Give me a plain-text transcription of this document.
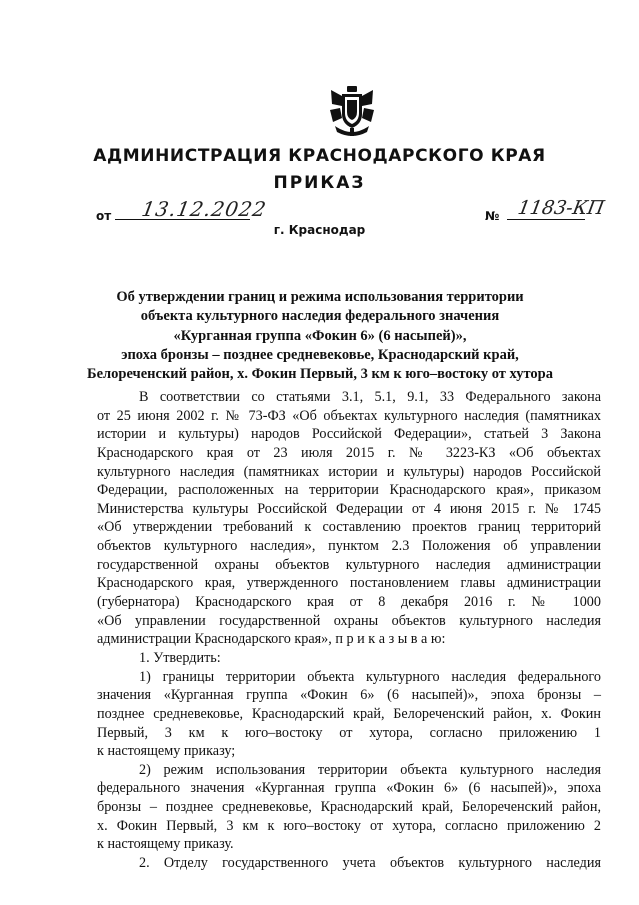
АДМИНИСТРАЦИЯ КРАСНОДАРСКОГО КРАЯ
ПРИКАЗ
от 13.12.2022
г. Краснодар
№ 1183-КП
Об утверждении границ и режима использования территории
объекта культурного наследия федерального значения
«Курганная группа «Фокин 6» (6 насыпей)»,
эпоха бронзы – позднее средневековье, Краснодарский край,
Белореченский район, х. Фокин Первый, 3 км к юго–востоку от хутора
В соответствии со статьями 3.1, 5.1, 9.1, 33 Федерального закона
от 25 июня 2002 г. № 73-ФЗ «Об объектах культурного наследия (памятниках
истории и культуры) народов Российской Федерации», статьей 3 Закона
Краснодарского края от 23 июля 2015 г. № 3223-КЗ «Об объектах
культурного наследия (памятниках истории и культуры) народов Российской
Федерации, расположенных на территории Краснодарского края», приказом
Министерства культуры Российской Федерации от 4 июня 2015 г. № 1745
«Об утверждении требований к составлению проектов границ территорий
объектов культурного наследия», пунктом 2.3 Положения об управлении
государственной охраны объектов культурного наследия администрации
Краснодарского края, утвержденного постановлением главы администрации
(губернатора) Краснодарского края от 8 декабря 2016 г. № 1000
«Об управлении государственной охраны объектов культурного наследия
администрации Краснодарского края», п р и к а з ы в а ю:
1. Утвердить:
1) границы территории объекта культурного наследия федерального
значения «Курганная группа «Фокин 6» (6 насыпей)», эпоха бронзы –
позднее средневековье, Краснодарский край, Белореченский район, х. Фокин
Первый, 3 км к юго–востоку от хутора, согласно приложению 1
к настоящему приказу;
2) режим использования территории объекта культурного наследия
федерального значения «Курганная группа «Фокин 6» (6 насыпей)», эпоха
бронзы – позднее средневековье, Краснодарский край, Белореченский район,
х. Фокин Первый, 3 км к юго–востоку от хутора, согласно приложению 2
к настоящему приказу.
2. Отделу государственного учета объектов культурного наследия
